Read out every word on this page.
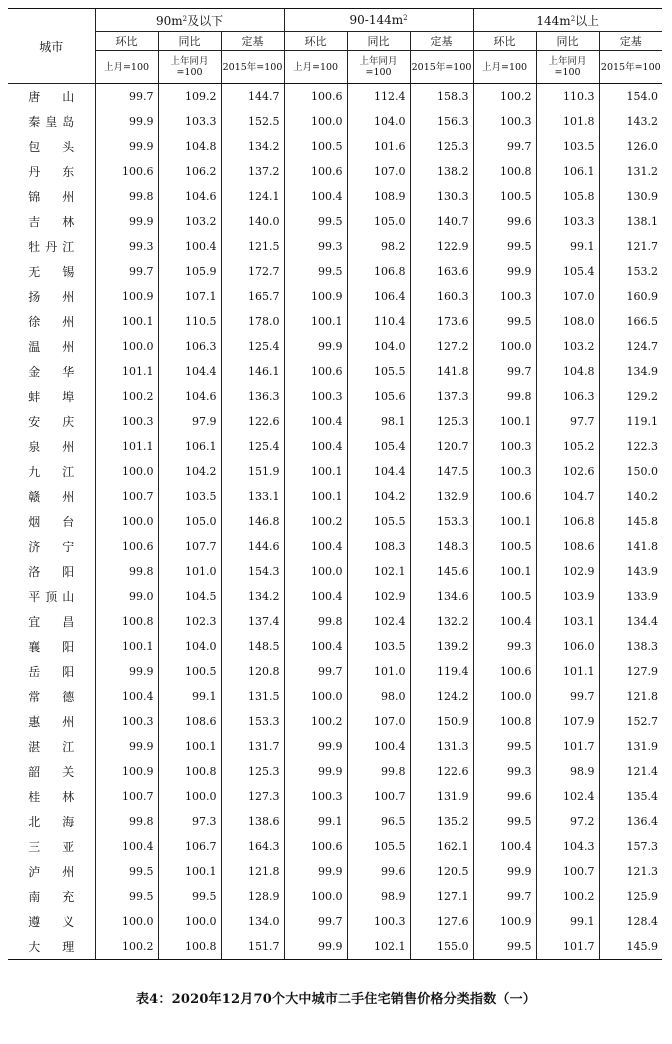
城市	$90m^2$及以下			$90-144m^2$			$144m^2$以上		
	环比	同比	定基	环比	同比	定基	环比	同比	定基
	上月=100	上年同月=100	2015年=100	上月=100	上年同月=100	2015年=100	上月=100	上年同月=100	2015年=100
唐山	99.7	109.2	144.7	100.6	112.4	158.3	100.2	110.3	154.0
秦皇岛	99.9	103.3	152.5	100.0	104.0	156.3	100.3	101.8	143.2
包头	99.9	104.8	134.2	100.5	101.6	125.3	99.7	103.5	126.0
丹东	100.6	106.2	137.2	100.6	107.0	138.2	100.8	106.1	131.2
锦州	99.8	104.6	124.1	100.4	108.9	130.3	100.5	105.8	130.9
吉林	99.9	103.2	140.0	99.5	105.0	140.7	99.6	103.3	138.1
牡丹江	99.3	100.4	121.5	99.3	98.2	122.9	99.5	99.1	121.7
无锡	99.7	105.9	172.7	99.5	106.8	163.6	99.9	105.4	153.2
扬州	100.9	107.1	165.7	100.9	106.4	160.3	100.3	107.0	160.9
徐州	100.1	110.5	178.0	100.1	110.4	173.6	99.5	108.0	166.5
温州	100.0	106.3	125.4	99.9	104.0	127.2	100.0	103.2	124.7
金华	101.1	104.4	146.1	100.6	105.5	141.8	99.7	104.8	134.9
蚌埠	100.2	104.6	136.3	100.3	105.6	137.3	99.8	106.3	129.2
安庆	100.3	97.9	122.6	100.4	98.1	125.3	100.1	97.7	119.1
泉州	101.1	106.1	125.4	100.4	105.4	120.7	100.3	105.2	122.3
九江	100.0	104.2	151.9	100.1	104.4	147.5	100.3	102.6	150.0
赣州	100.7	103.5	133.1	100.1	104.2	132.9	100.6	104.7	140.2
烟台	100.0	105.0	146.8	100.2	105.5	153.3	100.1	106.8	145.8
济宁	100.6	107.7	144.6	100.4	108.3	148.3	100.5	108.6	141.8
洛阳	99.8	101.0	154.3	100.0	102.1	145.6	100.1	102.9	143.9
平顶山	99.0	104.5	134.2	100.4	102.9	134.6	100.5	103.9	133.9
宜昌	100.8	102.3	137.4	99.8	102.4	132.2	100.4	103.1	134.4
襄阳	100.1	104.0	148.5	100.4	103.5	139.2	99.3	106.0	138.3
岳阳	99.9	100.5	120.8	99.7	101.0	119.4	100.6	101.1	127.9
常德	100.4	99.1	131.5	100.0	98.0	124.2	100.0	99.7	121.8
惠州	100.3	108.6	153.3	100.2	107.0	150.9	100.8	107.9	152.7
湛江	99.9	100.1	131.7	99.9	100.4	131.3	99.5	101.7	131.9
韶关	100.9	100.8	125.3	99.9	99.8	122.6	99.3	98.9	121.4
桂林	100.7	100.0	127.3	100.3	100.7	131.9	99.6	102.4	135.4
北海	99.8	97.3	138.6	99.1	96.5	135.2	99.5	97.2	136.4
三亚	100.4	106.7	164.3	100.6	105.5	162.1	100.4	104.3	157.3
泸州	99.5	100.1	121.8	99.9	99.6	120.5	99.9	100.7	121.3
南充	99.5	99.5	128.9	100.0	98.9	127.1	99.7	100.2	125.9
遵义	100.0	100.0	134.0	99.7	100.3	127.6	100.9	99.1	128.4
大理	100.2	100.8	151.7	99.9	102.1	155.0	99.5	101.7	145.9
表4：2020年12月70个大中城市二手住宅销售价格分类指数（一）
